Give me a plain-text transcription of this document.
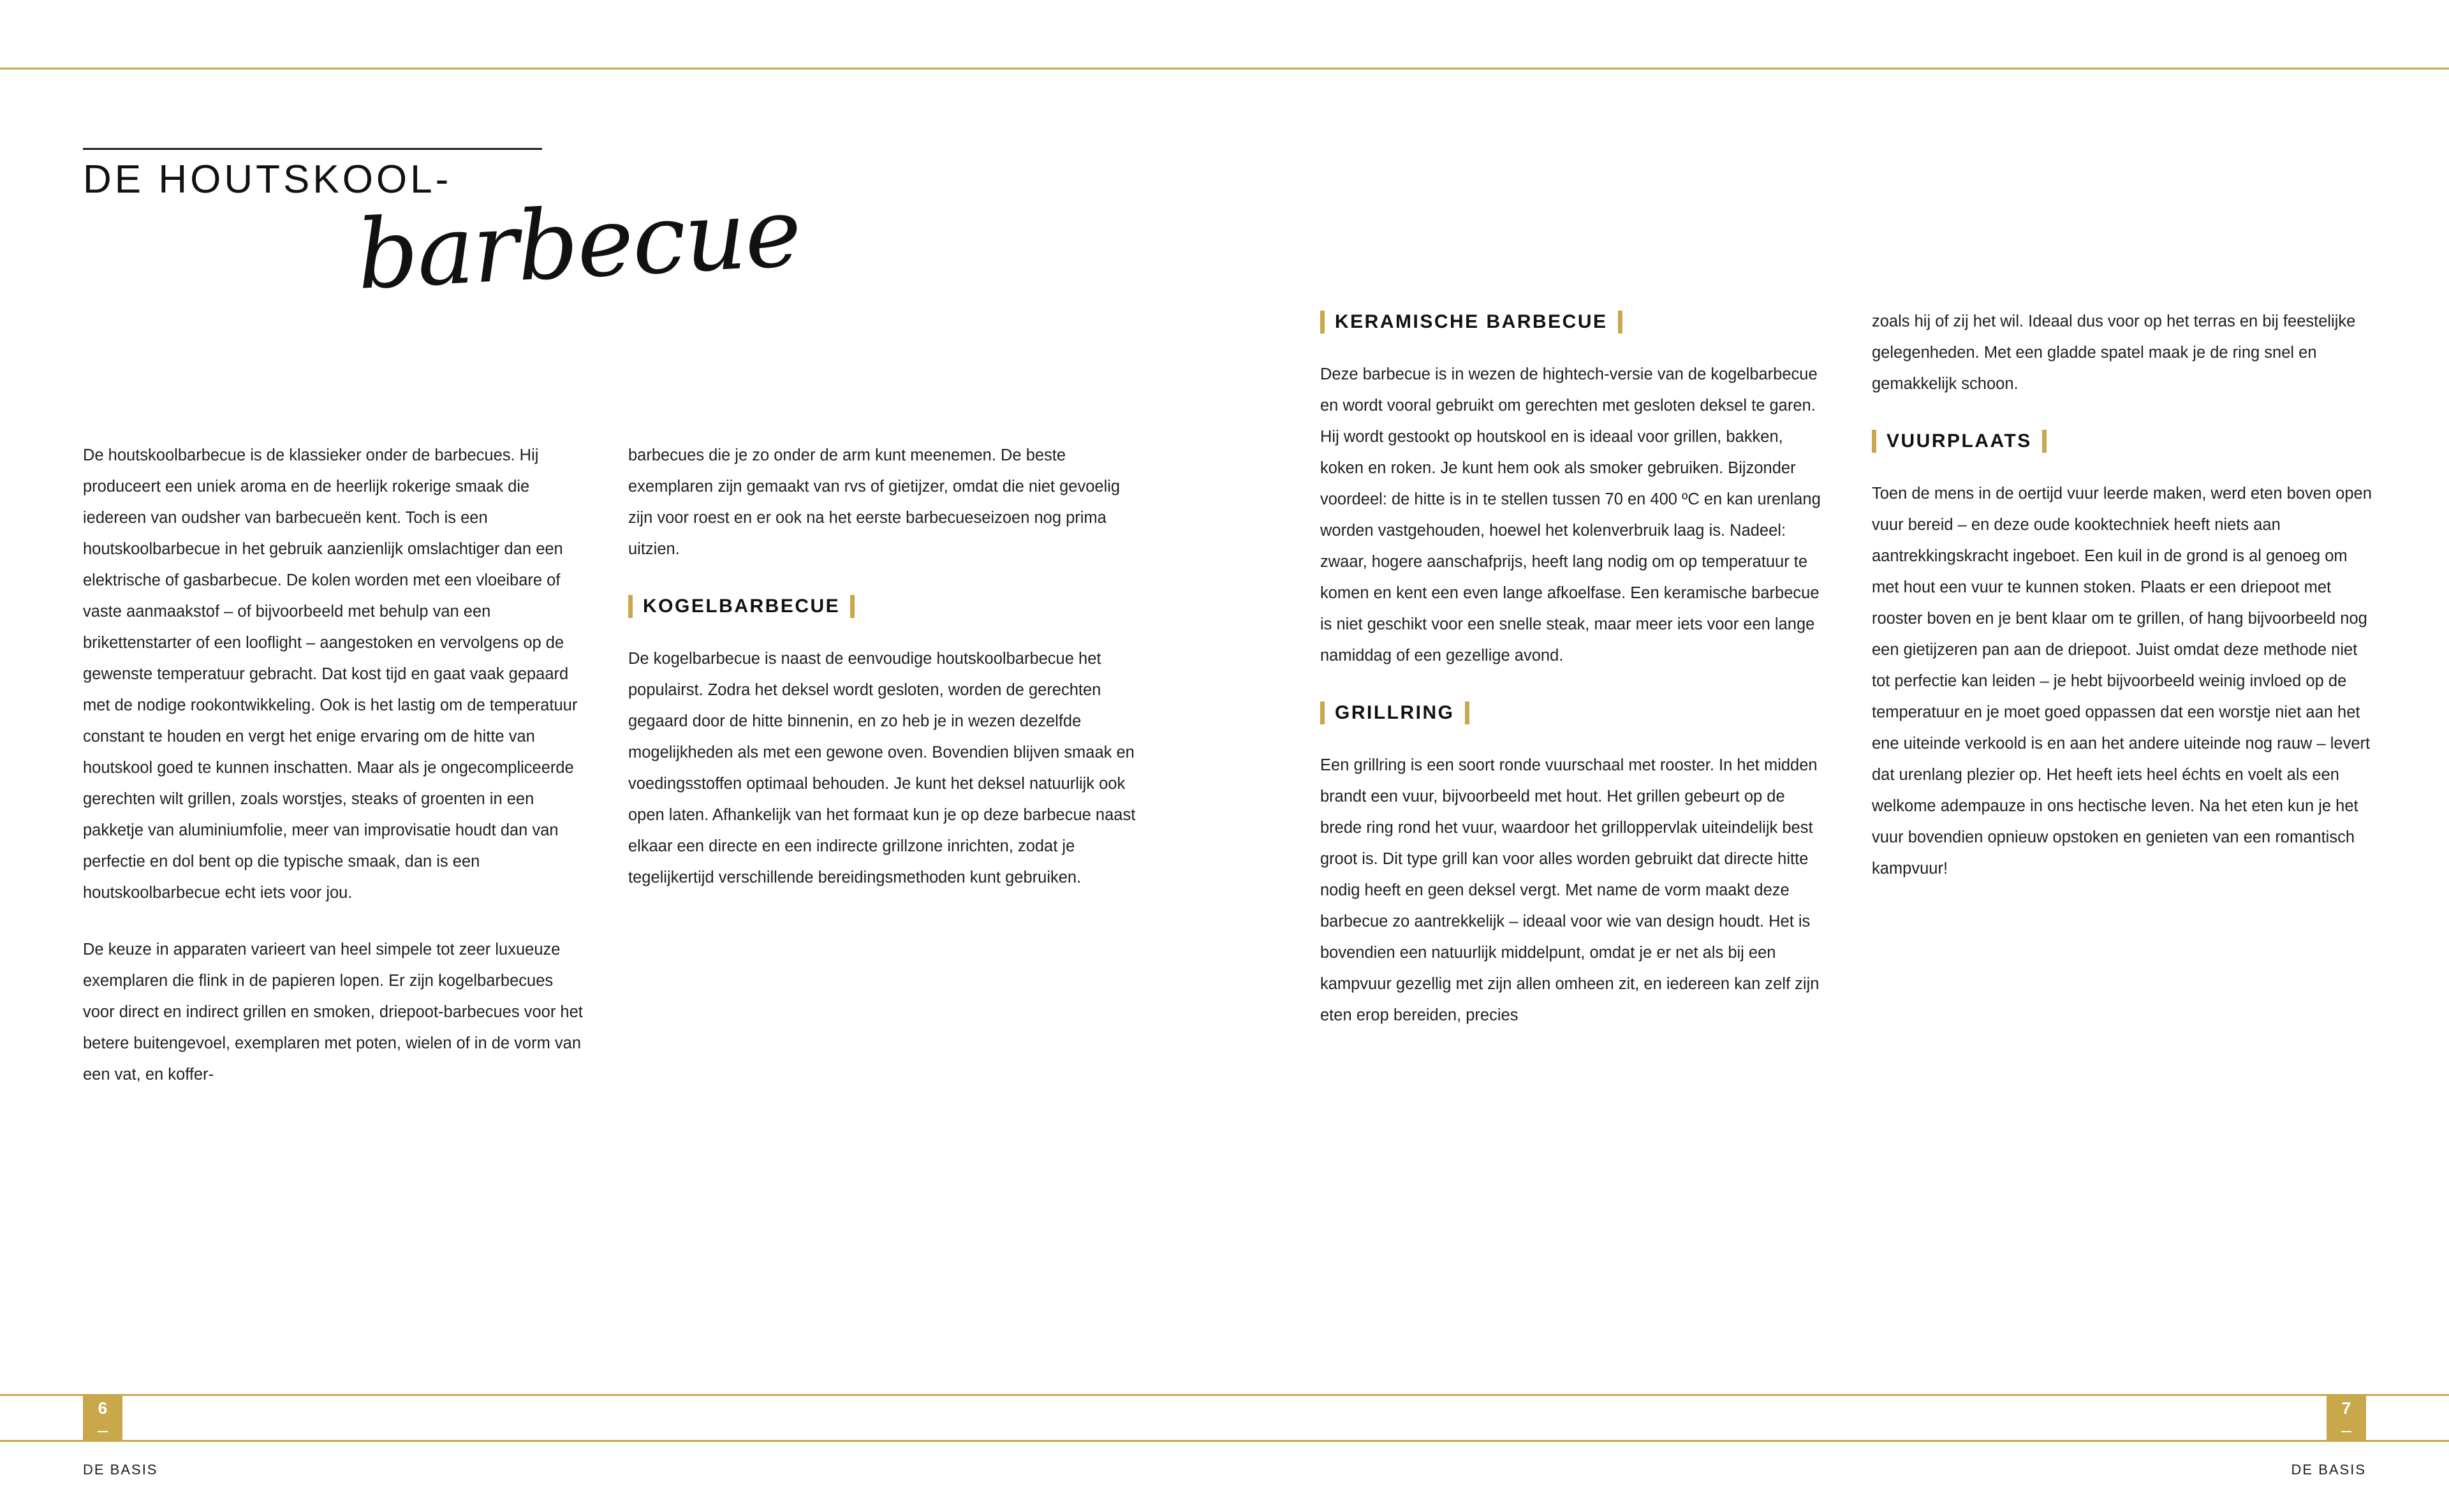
DE HOUTSKOOL-
barbecue

De houtskoolbarbecue is de klassieker onder de barbecues. Hij produceert een uniek aroma en de heerlijk rokerige smaak die iedereen van oudsher van barbecueën kent. Toch is een houtskoolbarbecue in het gebruik aanzienlijk omslachtiger dan een elektrische of gasbarbecue. De kolen worden met een vloeibare of vaste aanmaakstof – of bijvoorbeeld met behulp van een brikettenstarter of een looflight – aangestoken en vervolgens op de gewenste temperatuur gebracht. Dat kost tijd en gaat vaak gepaard met de nodige rookontwikkeling. Ook is het lastig om de temperatuur constant te houden en vergt het enige ervaring om de hitte van houtskool goed te kunnen inschatten. Maar als je ongecompliceerde gerechten wilt grillen, zoals worstjes, steaks of groenten in een pakketje van aluminiumfolie, meer van improvisatie houdt dan van perfectie en dol bent op die typische smaak, dan is een houtskoolbarbecue echt iets voor jou.

De keuze in apparaten varieert van heel simpele tot zeer luxueuze exemplaren die flink in de papieren lopen. Er zijn kogelbarbecues voor direct en indirect grillen en smoken, driepoot-barbecues voor het betere buitengevoel, exemplaren met poten, wielen of in de vorm van een vat, en koffer-

barbecues die je zo onder de arm kunt meenemen. De beste exemplaren zijn gemaakt van rvs of gietijzer, omdat die niet gevoelig zijn voor roest en er ook na het eerste barbecueseizoen nog prima uitzien.

KOGELBARBECUE

De kogelbarbecue is naast de eenvoudige houtskoolbarbecue het populairst. Zodra het deksel wordt gesloten, worden de gerechten gegaard door de hitte binnenin, en zo heb je in wezen dezelfde mogelijkheden als met een gewone oven. Bovendien blijven smaak en voedingsstoffen optimaal behouden. Je kunt het deksel natuurlijk ook open laten. Afhankelijk van het formaat kun je op deze barbecue naast elkaar een directe en een indirecte grillzone inrichten, zodat je tegelijkertijd verschillende bereidingsmethoden kunt gebruiken.

KERAMISCHE BARBECUE

Deze barbecue is in wezen de hightech-versie van de kogelbarbecue en wordt vooral gebruikt om gerechten met gesloten deksel te garen. Hij wordt gestookt op houtskool en is ideaal voor grillen, bakken, koken en roken. Je kunt hem ook als smoker gebruiken. Bijzonder voordeel: de hitte is in te stellen tussen 70 en 400 ºC en kan urenlang worden vastgehouden, hoewel het kolenverbruik laag is. Nadeel: zwaar, hogere aanschafprijs, heeft lang nodig om op temperatuur te komen en kent een even lange afkoelfase. Een keramische barbecue is niet geschikt voor een snelle steak, maar meer iets voor een lange namiddag of een gezellige avond.

GRILLRING

Een grillring is een soort ronde vuurschaal met rooster. In het midden brandt een vuur, bijvoorbeeld met hout. Het grillen gebeurt op de brede ring rond het vuur, waardoor het grilloppervlak uiteindelijk best groot is. Dit type grill kan voor alles worden gebruikt dat directe hitte nodig heeft en geen deksel vergt. Met name de vorm maakt deze barbecue zo aantrekkelijk – ideaal voor wie van design houdt. Het is bovendien een natuurlijk middelpunt, omdat je er net als bij een kampvuur gezellig met zijn allen omheen zit, en iedereen kan zelf zijn eten erop bereiden, precies

zoals hij of zij het wil. Ideaal dus voor op het terras en bij feestelijke gelegenheden. Met een gladde spatel maak je de ring snel en gemakkelijk schoon.

VUURPLAATS

Toen de mens in de oertijd vuur leerde maken, werd eten boven open vuur bereid – en deze oude kooktechniek heeft niets aan aantrekkingskracht ingeboet. Een kuil in de grond is al genoeg om met hout een vuur te kunnen stoken. Plaats er een driepoot met rooster boven en je bent klaar om te grillen, of hang bijvoorbeeld nog een gietijzeren pan aan de driepoot. Juist omdat deze methode niet tot perfectie kan leiden – je hebt bijvoorbeeld weinig invloed op de temperatuur en je moet goed oppassen dat een worstje niet aan het ene uiteinde verkoold is en aan het andere uiteinde nog rauw – levert dat urenlang plezier op. Het heeft iets heel échts en voelt als een welkome adempauze in ons hectische leven. Na het eten kun je het vuur bovendien opnieuw opstoken en genieten van een romantisch kampvuur!

6	7
DE BASIS	DE BASIS
